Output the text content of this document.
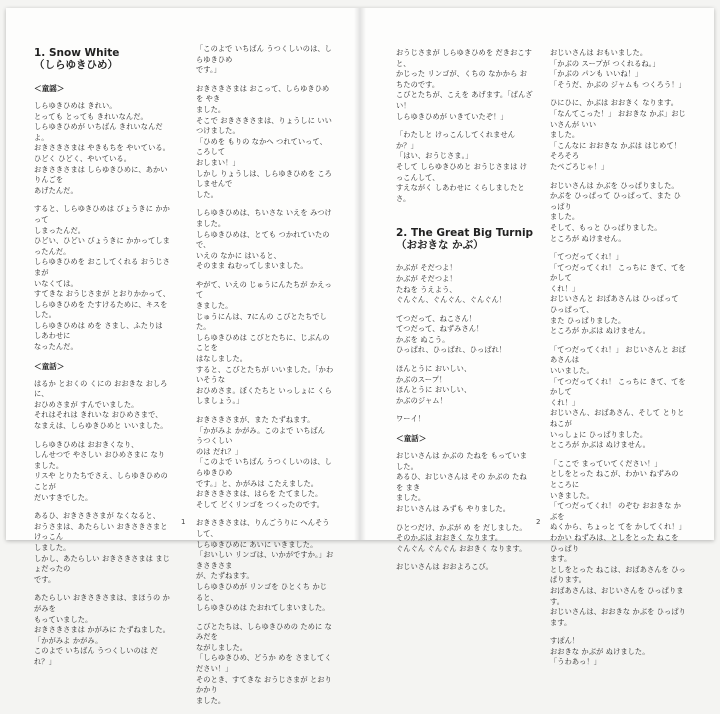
1. Snow White
（しらゆきひめ）
＜童謡＞

しらゆきひめは きれい。
とっても とっても きれいなんだ。
しらゆきひめが いちばん きれいなんだよ。
おきさきさまは やきもちを やいている。
ひどく ひどく、やいている。
おきさきさまは しらゆきひめに、あかい りんごを
あげたんだ。

すると、しらゆきひめは びょうきに かかって
しまったんだ。
ひどい、ひどい びょうきに かかってしまったんだ。
しらゆきひめを おこしてくれる おうじさまが
いなくては。
すてきな おうじさまが とおりかかって、
しらゆきひめを たすけるために、キスをした。
しらゆきひめは めを さまし、ふたりは しあわせに
なったんだ。

＜童話＞

はるか とおくの くにの おおきな おしろに、
おひめさまが すんでいました。
それはそれは きれいな おひめさまで、
なまえは、しらゆきひめと いいました。

しらゆきひめは おおきくなり、
しんせつで やさしい おひめさまに なりました。
リスや とりたちでさえ、しらゆきひめのことが
だいすきでした。

あるひ、おきさきさまが なくなると、
おうさまは、あたらしい おきさきさまと けっこん
しました。
しかし、あたらしい おきさきさまは まじょだったの
です。

あたらしい おきさきさまは、まほうの かがみを
もっていました。
おきさきさまは かがみに たずねました。「かがみよ かがみ。
このよで いちばん うつくしいのは だれ？」

「このよで いちばん うつくしいのは、しらゆきひめ
です。」

おきさきさまは おこって、しらゆきひめを やき
ました。
そこで おきさきさまは、りょうしに いいつけました。
「ひめを もりの なかへ つれていって、ころして
おしまい！」
しかし りょうしは、しらゆきひめを ころしませんで
した。

しらゆきひめは、ちいさな いえを みつけました。
しらゆきひめは、とても つかれていたので、
いえの なかに はいると、
そのまま ねむってしまいました。

やがて、いえの じゅうにんたちが かえって
きました。
じゅうにんは、7にんの こびとたちでした。
しらゆきひめは こびとたちに、じぶんのことを
はなしました。
すると、こびとたちが いいました。「かわいそうな
おひめさま。ぼくたちと いっしょに くらしましょう。」

おきさきさまが、また たずねます。
「かがみよ かがみ。このよで いちばん うつくしい
のは だれ？」
「このよで いちばん うつくしいのは、しらゆきひめ
です。」と、かがみは こたえました。
おきさきさまは、はらを たてました。
そして どくリンゴを つくったのです。

おきさきさまは、りんごうりに へんそうして、
しらゆきひめに あいに いきました。
「おいしい リンゴは、いかがですか。」おきさきさま
が、たずねます。
しらゆきひめが リンゴを ひとくち かじると、
しらゆきひめは たおれてしまいました。

こびとたちは、しらゆきひめの ために なみだを
ながしました。
「しらゆきひめ、どうか めを さましてください！」
そのとき、すてきな おうじさまが とおりかかり
ました。

1

おうじさまが しらゆきひめを だきおこすと、
かじった リンゴが、くちの なかから おちたのです。
こびとたちが、こえを あげます。「ばんざい！
しらゆきひめが いきていたぞ！」

「わたしと けっこんしてくれませんか？」
「はい、おうじさま。」
そして しらゆきひめと おうじさまは けっこんして、
すえながく しあわせに くらしましたとさ。

2. The Great Big Turnip
（おおきな かぶ）

かぶが そだつよ！
かぶが そだつよ！
たねを うえよう、
ぐんぐん、ぐんぐん、ぐんぐん！

てつだって、ねこさん！
てつだって、ねずみさん！
かぶを ぬこう。
ひっぱれ、ひっぱれ、ひっぱれ！

ほんとうに おいしい、
かぶのスープ！
ほんとうに おいしい、
かぶのジャム！

ワーイ！

＜童話＞

おじいさんは かぶの たねを もっていました。
あるひ、おじいさんは その かぶの たねを まき
ました。
おじいさんは みずも やりました。

ひとつだけ、かぶが め を だしました。
そのかぶは おおきく なります。
ぐんぐん ぐんぐん おおきく なります。

おじいさんは おおよろこび。

おじいさんは おもいました。
「かぶの スープが つくれるね。」
「かぶの パンも いいね！」
「そうだ、かぶの ジャムも つくろう！」

ひにひに、かぶは おおきく なります。
「なんてこった！」 おおきな かぶ」おじいさんが いい
ました。
「こんなに おおきな かぶは はじめて！そろそろ
たべごろじゃ！」

おじいさんは かぶを ひっぱりました。
かぶを ひっぱって ひっぱって、また ひっぱり
ました。
そして、もっと ひっぱりました。
ところが ぬけません。

「てつだってくれ！」
「てつだってくれ！ こっちに きて、てを かして
くれ！」
おじいさんと おばあさんは ひっぱって ひっぱって、
また ひっぱりました。
ところが かぶは ぬけません。

「てつだってくれ！」 おじいさんと おばあさんは
いいました。
「てつだってくれ！ こっちに きて、てを かして
くれ！」
おじいさん、おばあさん、そして とりと ねこが
いっしょに ひっぱりました。
ところが かぶは ぬけません。

「ここで まっていてください！」
としをとった ねこが、わかい ねずみの ところに
いきました。
「てつだってくれ！ のぞむ おおきな かぶを
ぬくから、ちょっと てを かしてくれ！」
わかい ねずみは、としをとった ねこを ひっぱり
ます。
としをとった ねこは、おばあさんを ひっぱります。
おばあさんは、おじいさんを ひっぱります。
おじいさんは、おおきな かぶを ひっぱります。

すぽん！
おおきな かぶが ぬけました。
「うわあっ！」

2
